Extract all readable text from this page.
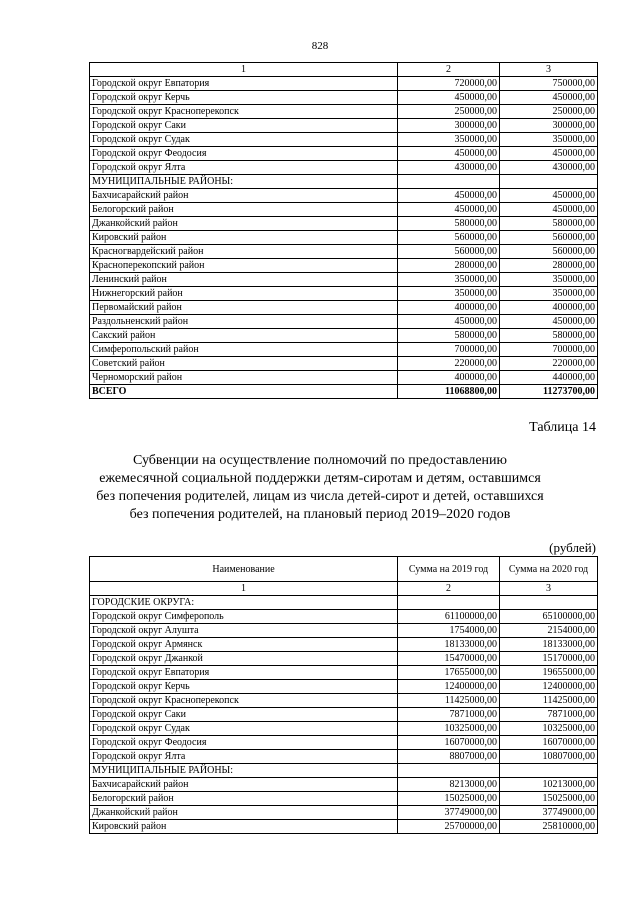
828
1	2	3
Городской округ Евпатория	720000,00	750000,00
Городской округ Керчь	450000,00	450000,00
Городской округ Красноперекопск	250000,00	250000,00
Городской округ Саки	300000,00	300000,00
Городской округ Судак	350000,00	350000,00
Городской округ Феодосия	450000,00	450000,00
Городской округ Ялта	430000,00	430000,00
МУНИЦИПАЛЬНЫЕ РАЙОНЫ:		
Бахчисарайский район	450000,00	450000,00
Белогорский район	450000,00	450000,00
Джанкойский район	580000,00	580000,00
Кировский район	560000,00	560000,00
Красногвардейский район	560000,00	560000,00
Красноперекопский район	280000,00	280000,00
Ленинский район	350000,00	350000,00
Нижнегорский район	350000,00	350000,00
Первомайский район	400000,00	400000,00
Раздольненский район	450000,00	450000,00
Сакский район	580000,00	580000,00
Симферопольский район	700000,00	700000,00
Советский район	220000,00	220000,00
Черноморский район	400000,00	440000,00
ВСЕГО	11068800,00	11273700,00
Таблица 14
Субвенции на осуществление полномочий по предоставлению
ежемесячной социальной поддержки детям-сиротам и детям, оставшимся
без попечения родителей, лицам из числа детей-сирот и детей, оставшихся
без попечения родителей, на плановый период 2019–2020 годов
(рублей)
Наименование	Сумма на 2019 год	Сумма на 2020 год
1	2	3
ГОРОДСКИЕ ОКРУГА:		
Городской округ Симферополь	61100000,00	65100000,00
Городской округ Алушта	1754000,00	2154000,00
Городской округ Армянск	18133000,00	18133000,00
Городской округ Джанкой	15470000,00	15170000,00
Городской округ Евпатория	17655000,00	19655000,00
Городской округ Керчь	12400000,00	12400000,00
Городской округ Красноперекопск	11425000,00	11425000,00
Городской округ Саки	7871000,00	7871000,00
Городской округ Судак	10325000,00	10325000,00
Городской округ Феодосия	16070000,00	16070000,00
Городской округ Ялта	8807000,00	10807000,00
МУНИЦИПАЛЬНЫЕ РАЙОНЫ:		
Бахчисарайский район	8213000,00	10213000,00
Белогорский район	15025000,00	15025000,00
Джанкойский район	37749000,00	37749000,00
Кировский район	25700000,00	25810000,00
